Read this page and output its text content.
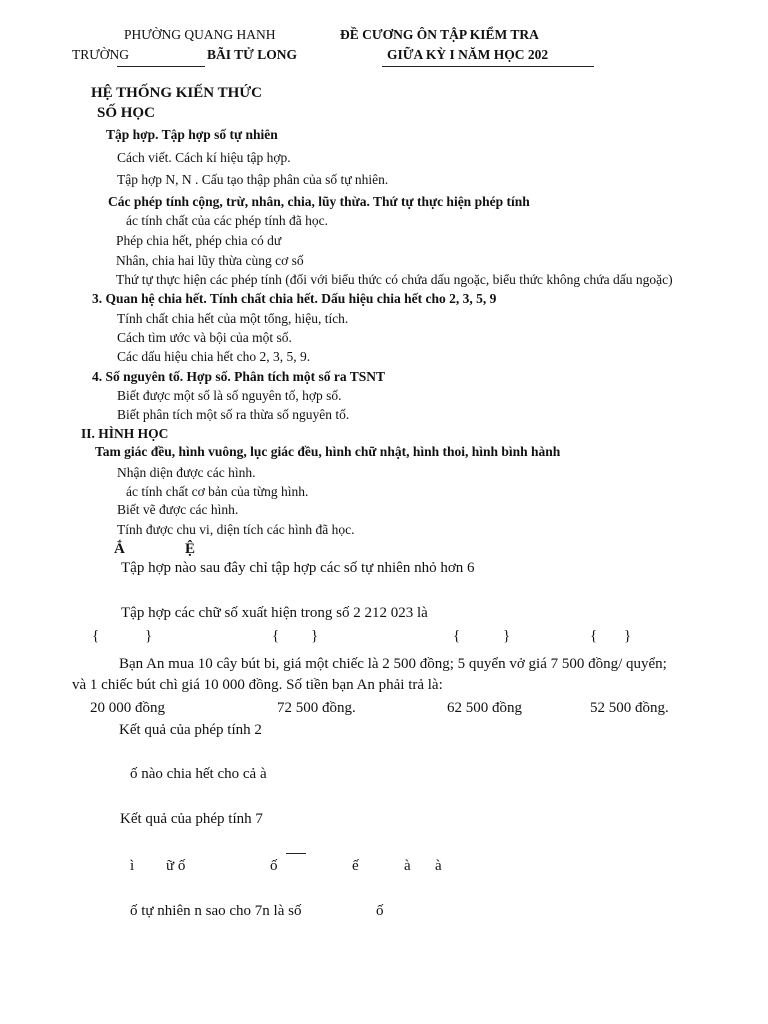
PHƯỜNG QUANG HANH
TRƯỜNG	BÃI TỬ LONG
ĐỀ CƯƠNG ÔN TẬP KIỂM TRA
GIỮA KỲ I NĂM HỌC 202
HỆ THỐNG KIẾN THỨC
SỐ HỌC
Tập hợp. Tập hợp số tự nhiên
Cách viết. Cách kí hiệu tập hợp.
Tập hợp N, N . Cấu tạo thập phân của số tự nhiên.
Các phép tính cộng, trừ, nhân, chia, lũy thừa. Thứ tự thực hiện phép tính
ác tính chất của các phép tính đã học.
Phép chia hết, phép chia có dư
Nhân, chia hai lũy thừa cùng cơ số
Thứ tự thực hiện các phép tính (đối với biểu thức có chứa dấu ngoặc, biểu thức không chứa dấu ngoặc)
3. Quan hệ chia hết. Tính chất chia hết. Dấu hiệu chia hết cho 2, 3, 5, 9
Tính chất chia hết của một tổng, hiệu, tích.
Cách tìm ước và bội của một số.
Các dấu hiệu chia hết cho 2, 3, 5, 9.
4. Số nguyên tố. Hợp số. Phân tích một số ra TSNT
Biết được một số là số nguyên tố, hợp số.
Biết phân tích một số ra thừa số nguyên tố.
II. HÌNH HỌC
Tam giác đều, hình vuông, lục giác đều, hình chữ nhật, hình thoi, hình bình hành
Nhận diện được các hình.
ác tính chất cơ bản của từng hình.
Biết vẽ được các hình.
Tính được chu vi, diện tích các hình đã học.
Ắ	Ệ
Tập hợp nào sau đây chỉ tập hợp các số tự nhiên nhỏ hơn 6
Tập hợp các chữ số xuất hiện trong số 2 212 023 là
{	}	{ }	{	}	{ }
Bạn An mua 10 cây bút bi, giá một chiếc là 2 500 đồng; 5 quyển vở giá 7 500 đồng/ quyển;
và 1 chiếc bút chì giá 10 000 đồng. Số tiền bạn An phải trả là:
20 000 đồng	72 500 đồng.	62 500 đồng	52 500 đồng.
Kết quả của phép tính 2
ố nào chia hết cho cả à
Kết quả của phép tính 7
ì ữ ố	ố	ế	à à
ố tự nhiên n sao cho 7n là số	ố
